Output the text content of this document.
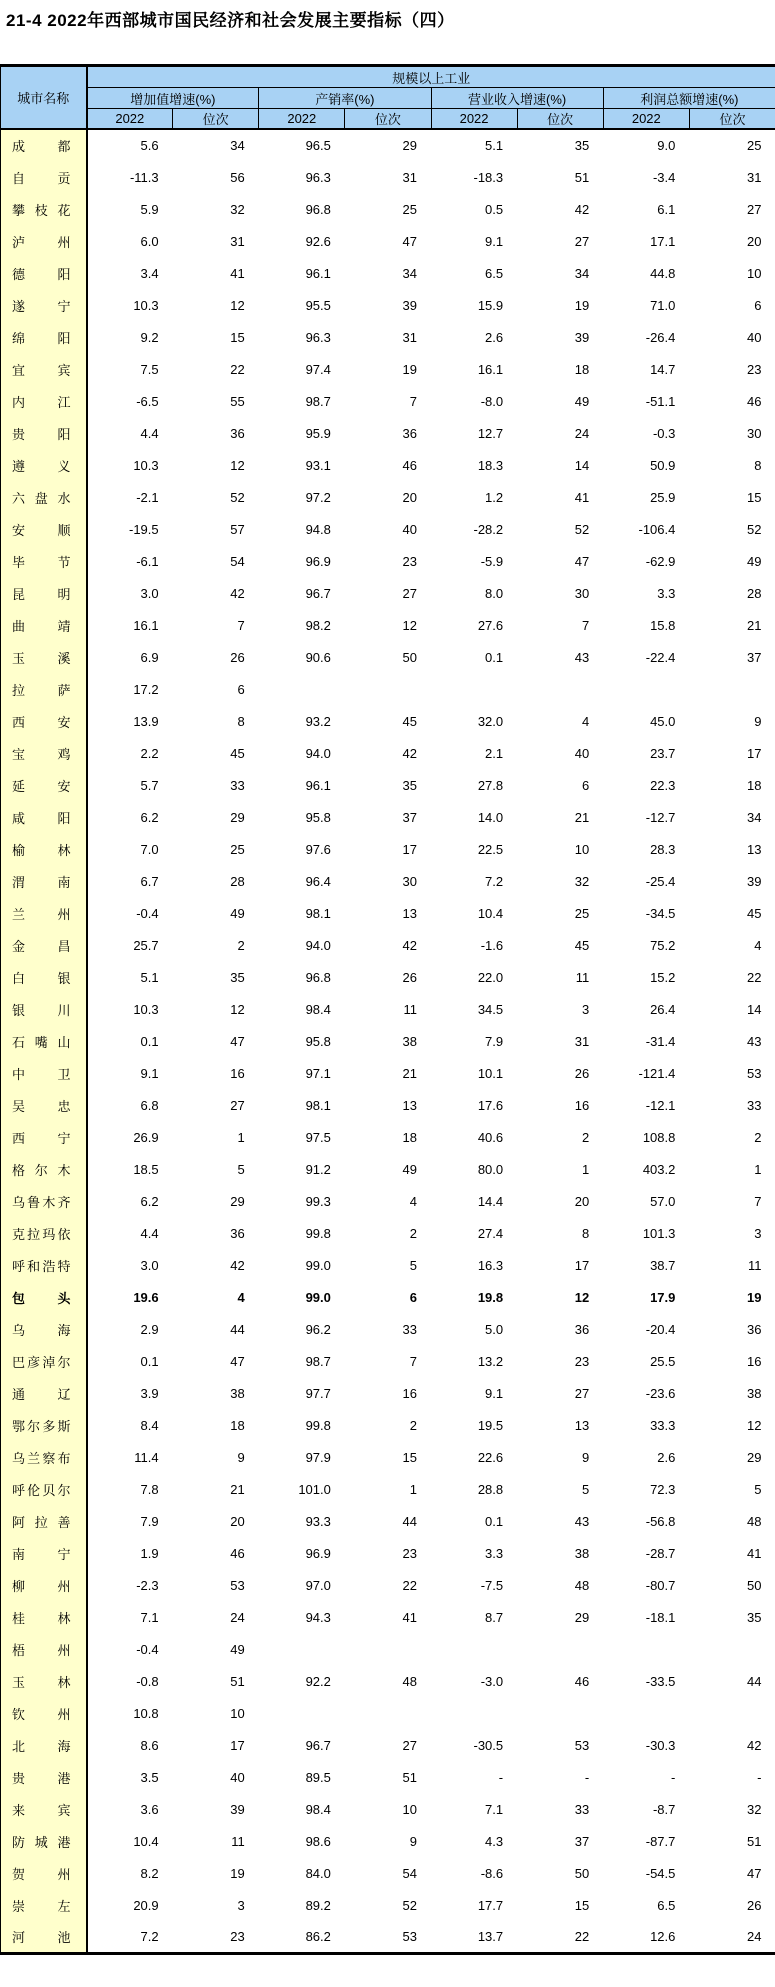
21-4 2022年西部城市国民经济和社会发展主要指标（四）
城市名称	规模以上工业							
	增加值增速(%)		产销率(%)		营业收入增速(%)		利润总额增速(%)	
	2022	位次	2022	位次	2022	位次	2022	位次
成都	5.6	34	96.5	29	5.1	35	9.0	25
自贡	-11.3	56	96.3	31	-18.3	51	-3.4	31
攀枝花	5.9	32	96.8	25	0.5	42	6.1	27
泸州	6.0	31	92.6	47	9.1	27	17.1	20
德阳	3.4	41	96.1	34	6.5	34	44.8	10
遂宁	10.3	12	95.5	39	15.9	19	71.0	6
绵阳	9.2	15	96.3	31	2.6	39	-26.4	40
宜宾	7.5	22	97.4	19	16.1	18	14.7	23
内江	-6.5	55	98.7	7	-8.0	49	-51.1	46
贵阳	4.4	36	95.9	36	12.7	24	-0.3	30
遵义	10.3	12	93.1	46	18.3	14	50.9	8
六盘水	-2.1	52	97.2	20	1.2	41	25.9	15
安顺	-19.5	57	94.8	40	-28.2	52	-106.4	52
毕节	-6.1	54	96.9	23	-5.9	47	-62.9	49
昆明	3.0	42	96.7	27	8.0	30	3.3	28
曲靖	16.1	7	98.2	12	27.6	7	15.8	21
玉溪	6.9	26	90.6	50	0.1	43	-22.4	37
拉萨	17.2	6						
西安	13.9	8	93.2	45	32.0	4	45.0	9
宝鸡	2.2	45	94.0	42	2.1	40	23.7	17
延安	5.7	33	96.1	35	27.8	6	22.3	18
咸阳	6.2	29	95.8	37	14.0	21	-12.7	34
榆林	7.0	25	97.6	17	22.5	10	28.3	13
渭南	6.7	28	96.4	30	7.2	32	-25.4	39
兰州	-0.4	49	98.1	13	10.4	25	-34.5	45
金昌	25.7	2	94.0	42	-1.6	45	75.2	4
白银	5.1	35	96.8	26	22.0	11	15.2	22
银川	10.3	12	98.4	11	34.5	3	26.4	14
石嘴山	0.1	47	95.8	38	7.9	31	-31.4	43
中卫	9.1	16	97.1	21	10.1	26	-121.4	53
吴忠	6.8	27	98.1	13	17.6	16	-12.1	33
西宁	26.9	1	97.5	18	40.6	2	108.8	2
格尔木	18.5	5	91.2	49	80.0	1	403.2	1
乌鲁木齐	6.2	29	99.3	4	14.4	20	57.0	7
克拉玛依	4.4	36	99.8	2	27.4	8	101.3	3
呼和浩特	3.0	42	99.0	5	16.3	17	38.7	11
包头	19.6	4	99.0	6	19.8	12	17.9	19
乌海	2.9	44	96.2	33	5.0	36	-20.4	36
巴彦淖尔	0.1	47	98.7	7	13.2	23	25.5	16
通辽	3.9	38	97.7	16	9.1	27	-23.6	38
鄂尔多斯	8.4	18	99.8	2	19.5	13	33.3	12
乌兰察布	11.4	9	97.9	15	22.6	9	2.6	29
呼伦贝尔	7.8	21	101.0	1	28.8	5	72.3	5
阿拉善	7.9	20	93.3	44	0.1	43	-56.8	48
南宁	1.9	46	96.9	23	3.3	38	-28.7	41
柳州	-2.3	53	97.0	22	-7.5	48	-80.7	50
桂林	7.1	24	94.3	41	8.7	29	-18.1	35
梧州	-0.4	49						
玉林	-0.8	51	92.2	48	-3.0	46	-33.5	44
钦州	10.8	10						
北海	8.6	17	96.7	27	-30.5	53	-30.3	42
贵港	3.5	40	89.5	51	-	-	-	-
来宾	3.6	39	98.4	10	7.1	33	-8.7	32
防城港	10.4	11	98.6	9	4.3	37	-87.7	51
贺州	8.2	19	84.0	54	-8.6	50	-54.5	47
崇左	20.9	3	89.2	52	17.7	15	6.5	26
河池	7.2	23	86.2	53	13.7	22	12.6	24
